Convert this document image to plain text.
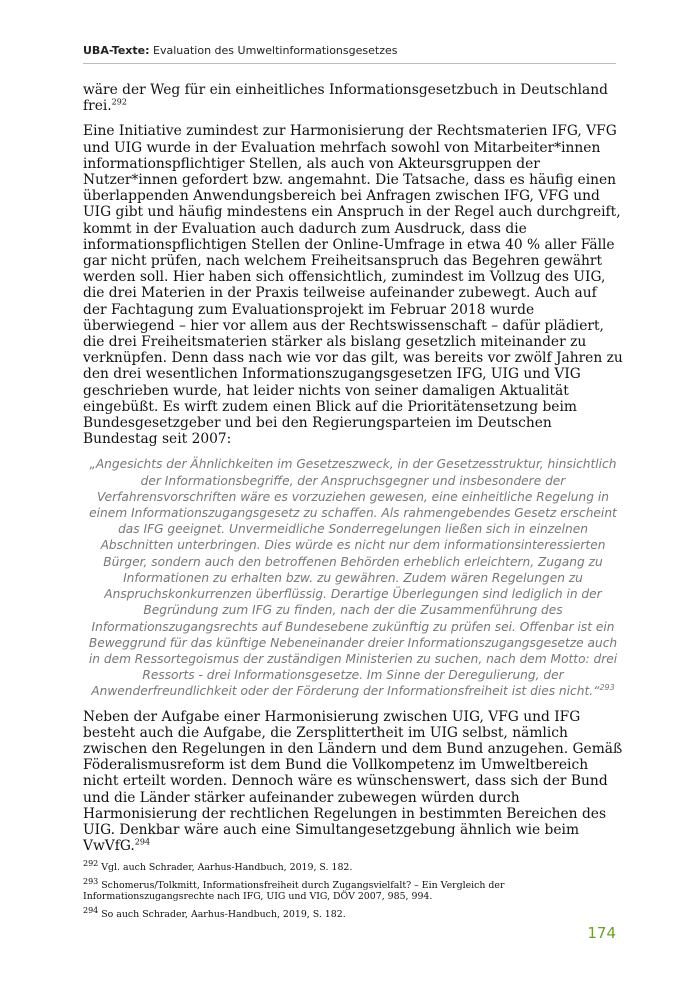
UBA-Texte: Evaluation des Umweltinformationsgesetzes

wäre der Weg für ein einheitliches Informationsgesetzbuch in Deutschland frei.$^{292}$

Eine Initiative zumindest zur Harmonisierung der Rechtsmaterien IFG, VFG und UIG wurde in der Evaluation mehrfach sowohl von Mitarbeiter*innen informationspflichtiger Stellen, als auch von Akteursgruppen der Nutzer*innen gefordert bzw. angemahnt. Die Tatsache, dass es häufig einen überlappenden Anwendungsbereich bei Anfragen zwischen IFG, VFG und UIG gibt und häufig mindestens ein Anspruch in der Regel auch durchgreift, kommt in der Evaluation auch dadurch zum Ausdruck, dass die informationspflichtigen Stellen der Online-Umfrage in etwa 40 % aller Fälle gar nicht prüfen, nach welchem Freiheitsanspruch das Begehren gewährt werden soll. Hier haben sich offensichtlich, zumindest im Vollzug des UIG, die drei Materien in der Praxis teilweise aufeinander zubewegt. Auch auf der Fachtagung zum Evaluationsprojekt im Februar 2018 wurde überwiegend – hier vor allem aus der Rechtswissenschaft – dafür plädiert, die drei Freiheitsmaterien stärker als bislang gesetzlich miteinander zu verknüpfen. Denn dass nach wie vor das gilt, was bereits vor zwölf Jahren zu den drei wesentlichen Informationszugangsgesetzen IFG, UIG und VIG geschrieben wurde, hat leider nichts von seiner damaligen Aktualität eingebüßt. Es wirft zudem einen Blick auf die Prioritätensetzung beim Bundesgesetzgeber und bei den Regierungsparteien im Deutschen Bundestag seit 2007:

„Angesichts der Ähnlichkeiten im Gesetzeszweck, in der Gesetzesstruktur, hinsichtlich der Informationsbegriffe, der Anspruchsgegner und insbesondere der Verfahrensvorschriften wäre es vorzuziehen gewesen, eine einheitliche Regelung in einem Informationszugangsgesetz zu schaffen. Als rahmengebendes Gesetz erscheint das IFG geeignet. Unvermeidliche Sonderregelungen ließen sich in einzelnen Abschnitten unterbringen. Dies würde es nicht nur dem informationsinteressierten Bürger, sondern auch den betroffenen Behörden erheblich erleichtern, Zugang zu Informationen zu erhalten bzw. zu gewähren. Zudem wären Regelungen zu Anspruchskonkurrenzen überflüssig. Derartige Überlegungen sind lediglich in der Begründung zum IFG zu finden, nach der die Zusammenführung des Informationszugangsrechts auf Bundesebene zukünftig zu prüfen sei. Offenbar ist ein Beweggrund für das künftige Nebeneinander dreier Informationszugangsgesetze auch in dem Ressortegoismus der zuständigen Ministerien zu suchen, nach dem Motto: drei Ressorts - drei Informationsgesetze. Im Sinne der Deregulierung, der Anwenderfreundlichkeit oder der Förderung der Informationsfreiheit ist dies nicht.“$^{293}$

Neben der Aufgabe einer Harmonisierung zwischen UIG, VFG und IFG besteht auch die Aufgabe, die Zersplittertheit im UIG selbst, nämlich zwischen den Regelungen in den Ländern und dem Bund anzugehen. Gemäß Föderalismusreform ist dem Bund die Vollkompetenz im Umweltbereich nicht erteilt worden. Dennoch wäre es wünschenswert, dass sich der Bund und die Länder stärker aufeinander zubewegen würden durch Harmonisierung der rechtlichen Regelungen in bestimmten Bereichen des UIG. Denkbar wäre auch eine Simultangesetzgebung ähnlich wie beim VwVfG.$^{294}$

$^{292}$ Vgl. auch Schrader, Aarhus-Handbuch, 2019, S. 182.

$^{293}$ Schomerus/Tolkmitt, Informationsfreiheit durch Zugangsvielfalt? – Ein Vergleich der Informationszugangsrechte nach IFG, UIG und VIG, DÖV 2007, 985, 994.

$^{294}$ So auch Schrader, Aarhus-Handbuch, 2019, S. 182.

174
